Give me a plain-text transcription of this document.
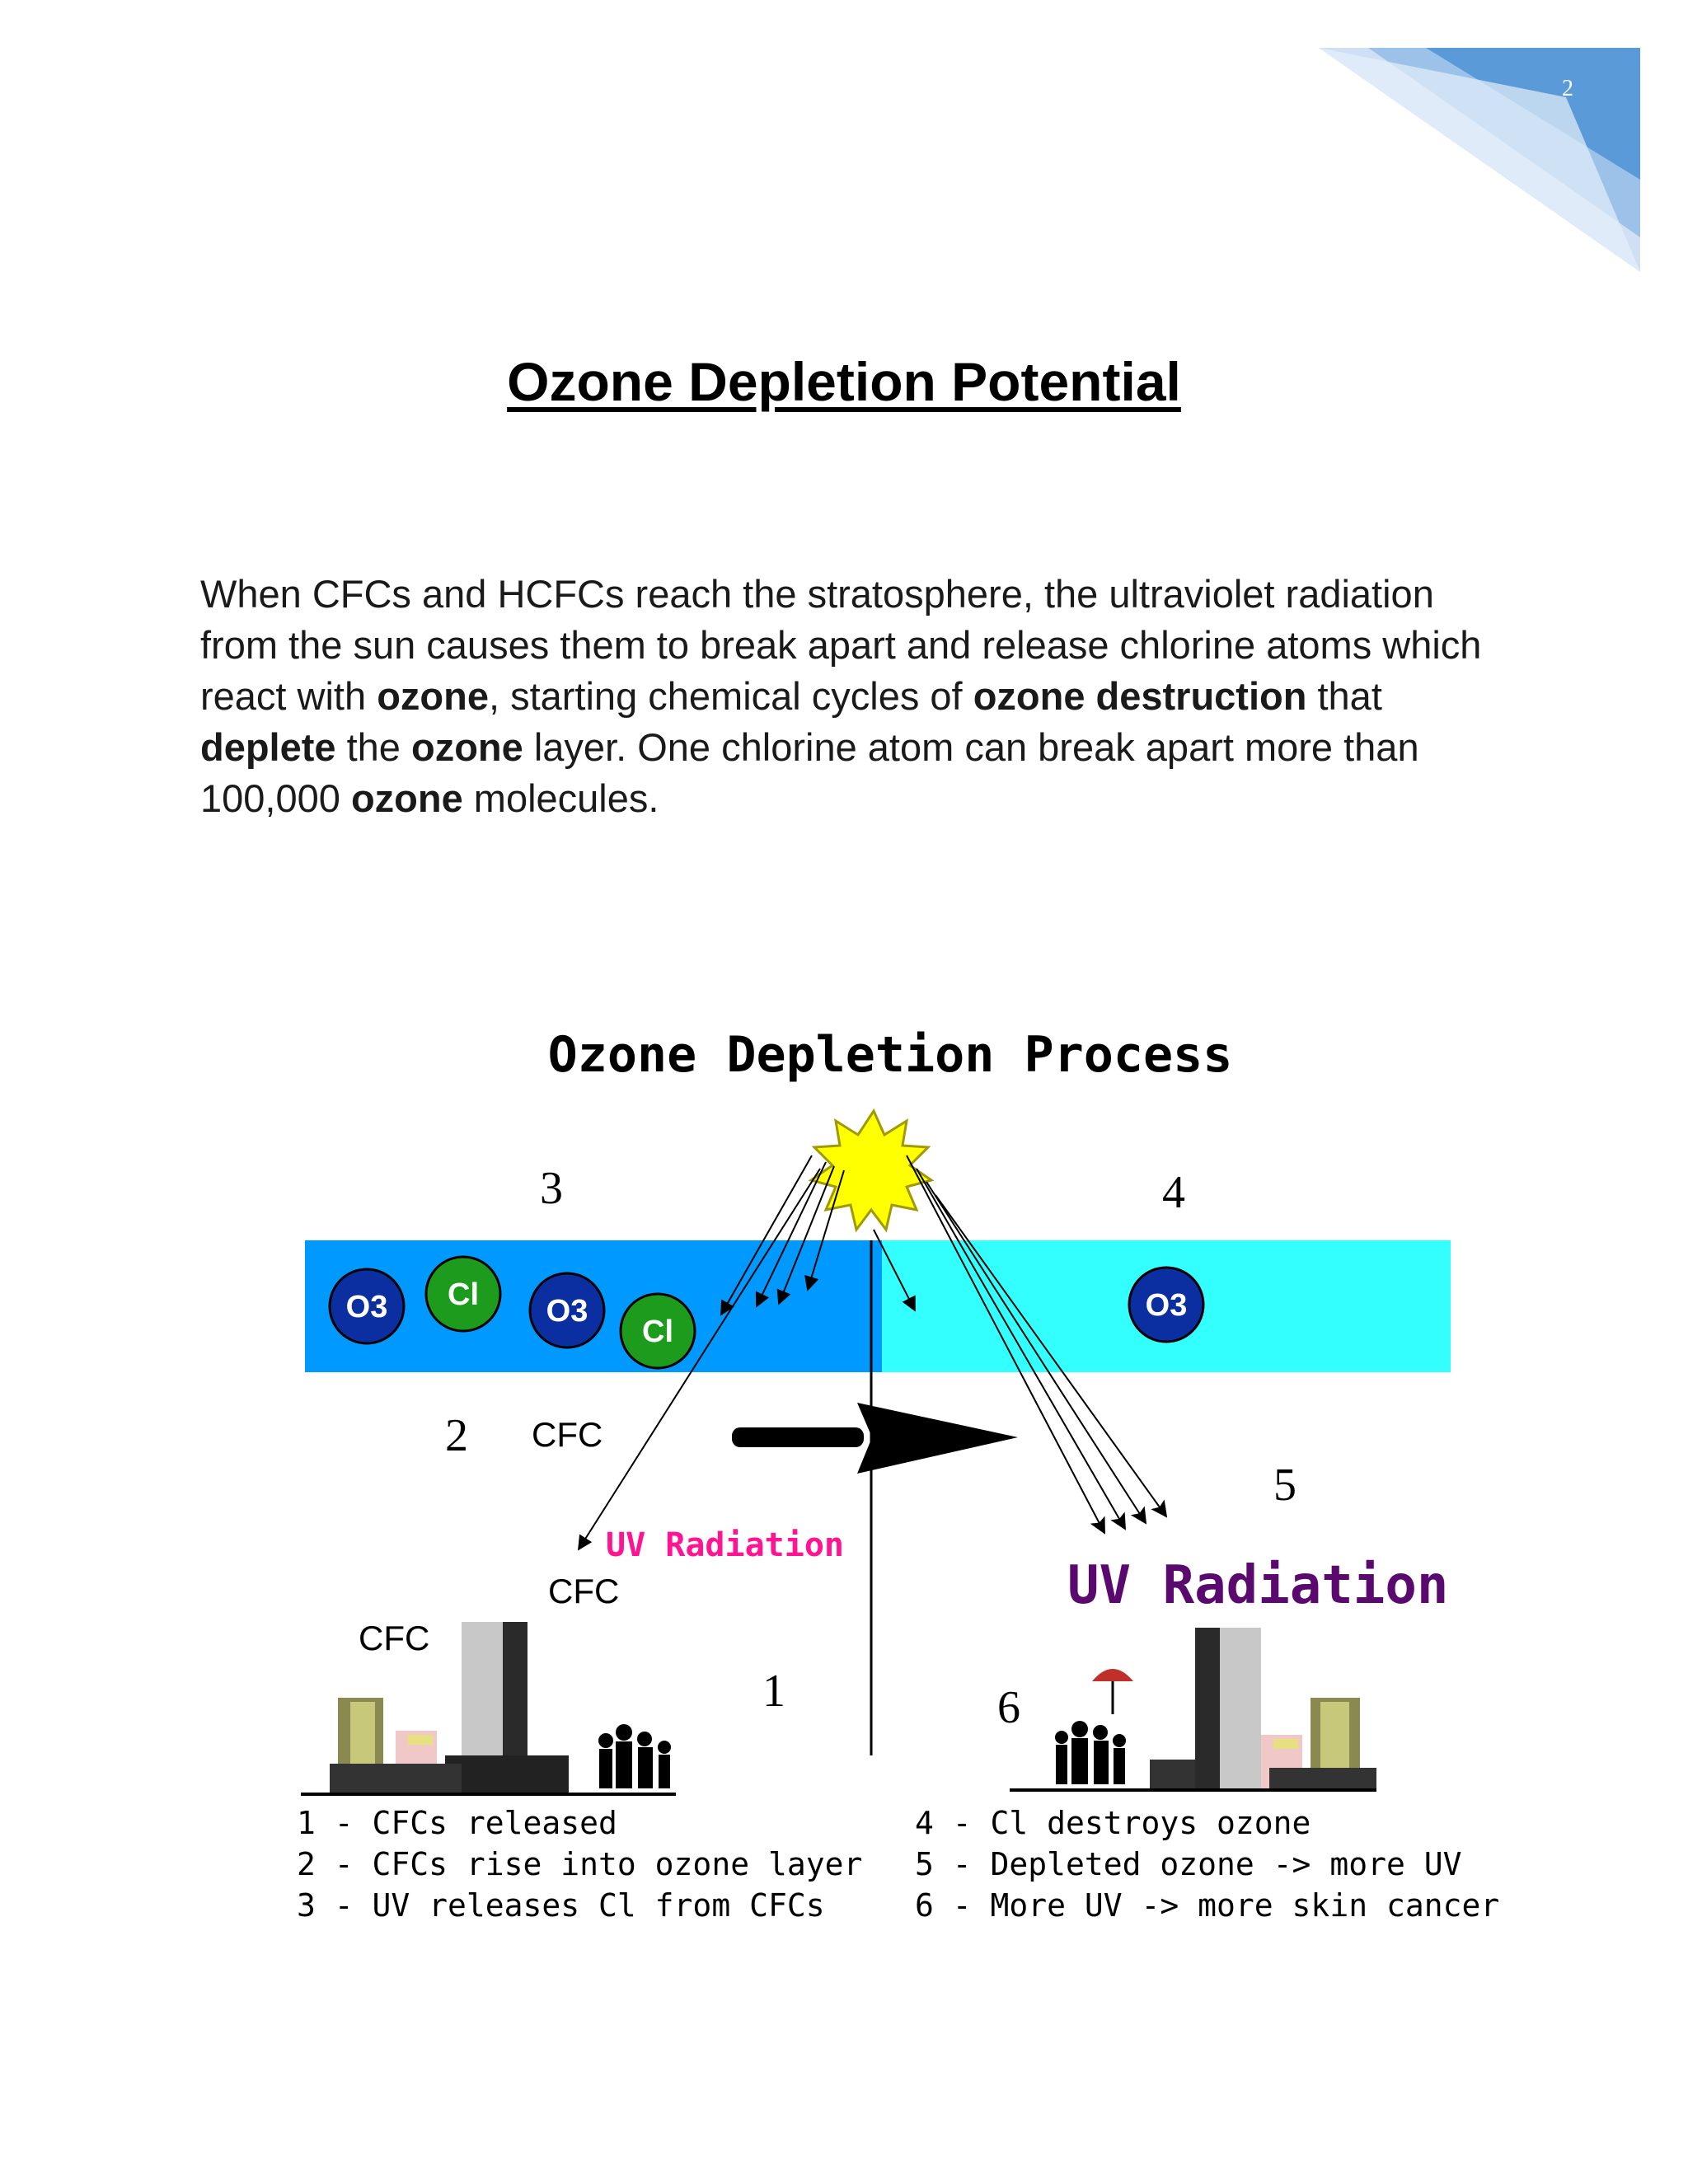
2
Ozone Depletion Potential
When CFCs and HCFCs reach the stratosphere, the ultraviolet radiation from the sun causes them to break apart and release chlorine atoms which react with ozone, starting chemical cycles of ozone destruction that deplete the ozone layer. One chlorine atom can break apart more than 100,000 ozone molecules.
Ozone Depletion Process
O3 Cl O3
Cl
O3
3	4
2
5
1	6
CFC
CFC
CFC
UV Radiation
UV Radiation
1 - CFCs released
2 - CFCs rise into ozone layer
3 - UV releases Cl from CFCs
4 - Cl destroys ozone
5 - Depleted ozone -> more UV
6 - More UV -> more skin cancer
